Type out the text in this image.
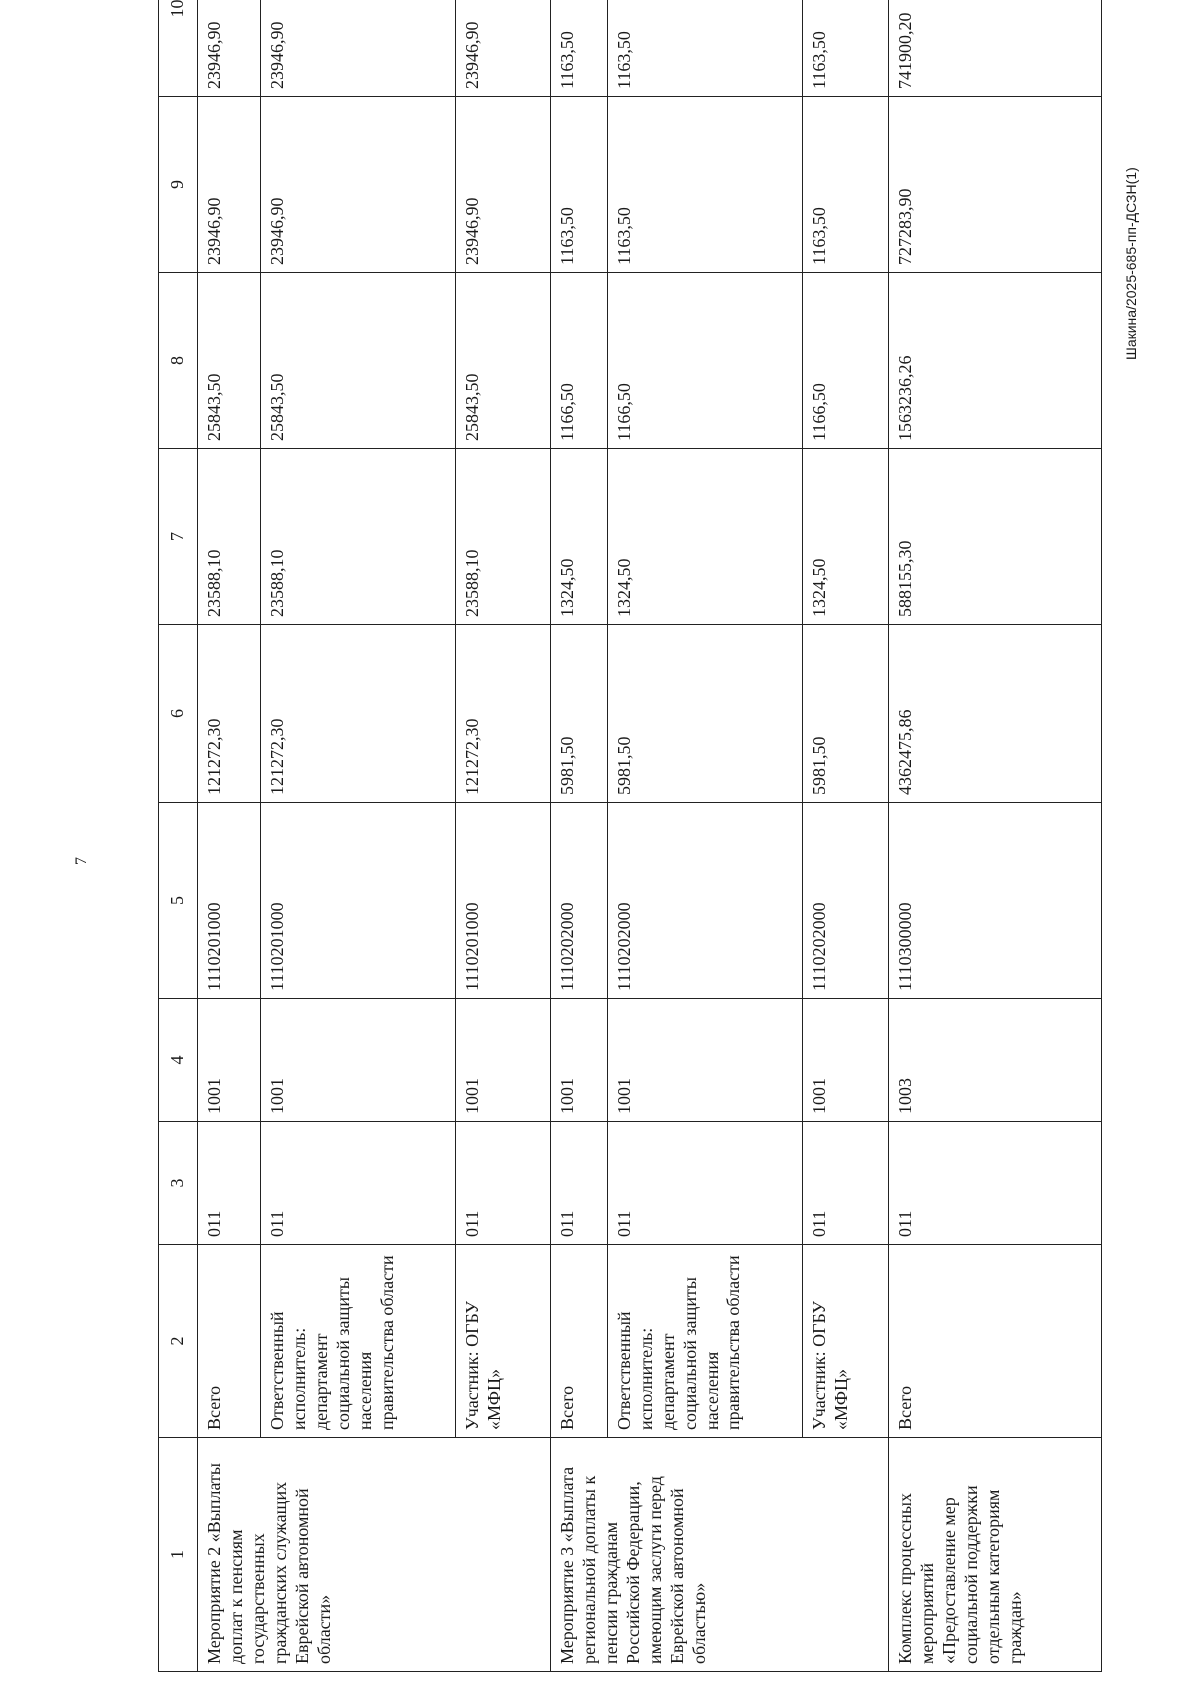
7
Шакина/2025-685-пп-ДСЗН(1)
1	2	3	4	5	6	7	8	9	10	
Мероприятие 2 «Выплаты доплат к пенсиям государственных гражданских служащих Еврейской автономной области»	Всего	011	1001	1110201000	121272,30	23588,10	25843,50	23946,90	23946,90	
	Ответственный исполнитель: департамент социальной защиты населения правительства области	011	1001	1110201000	121272,30	23588,10	25843,50	23946,90	23946,90	
	Участник: ОГБУ «МФЦ»	011	1001	1110201000	121272,30	23588,10	25843,50	23946,90	23946,90	
Мероприятие 3 «Выплата региональной доплаты к пенсии гражданам Российской Федерации, имеющим заслуги перед Еврейской автономной областью»	Всего	011	1001	1110202000	5981,50	1324,50	1166,50	1163,50	1163,50	
	Ответственный исполнитель: департамент социальной защиты населения правительства области	011	1001	1110202000	5981,50	1324,50	1166,50	1163,50	1163,50	
	Участник: ОГБУ «МФЦ»	011	1001	1110202000	5981,50	1324,50	1166,50	1163,50	1163,50	
Комплекс процессных мероприятий «Предоставление мер социальной поддержки отдельным категориям граждан»	Всего	011	1003	1110300000	4362475,86	588155,30	1563236,26	727283,90	741900,20	
